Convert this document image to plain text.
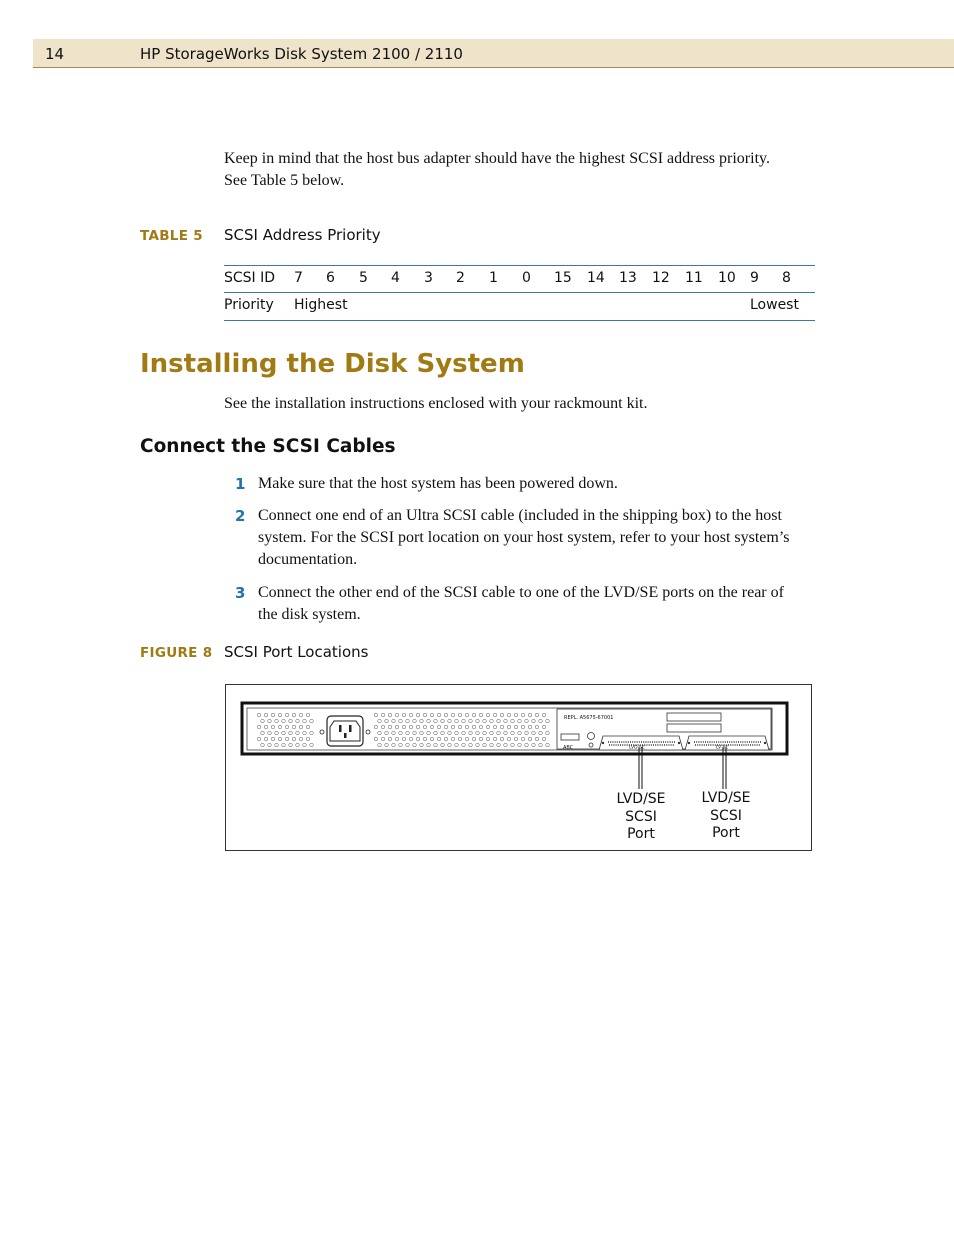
14	HP StorageWorks Disk System 2100 / 2110
Keep in mind that the host bus adapter should have the highest SCSI address priority.
See Table 5 below.
TABLE 5 SCSI Address Priority
SCSI ID 7 6 5 4 3 2 1 0 15 14 13 12 11 10 9 8
Priority Highest	Lowest
Installing the Disk System
See the installation instructions enclosed with your rackmount kit.
Connect the SCSI Cables
1 Make sure that the host system has been powered down.
2 Connect one end of an Ultra SCSI cable (included in the shipping box) to the host
system. For the SCSI port location on your host system, refer to your host system’s
documentation.
3 Connect the other end of the SCSI cable to one of the LVD/SE ports on the rear of
the disk system.
FIGURE 8 SCSI Port Locations
REPL. A5675-67001
ABC	LVD SE	LV SE
LVD/SE
SCSI
Port
LVD/SE
SCSI
Port
